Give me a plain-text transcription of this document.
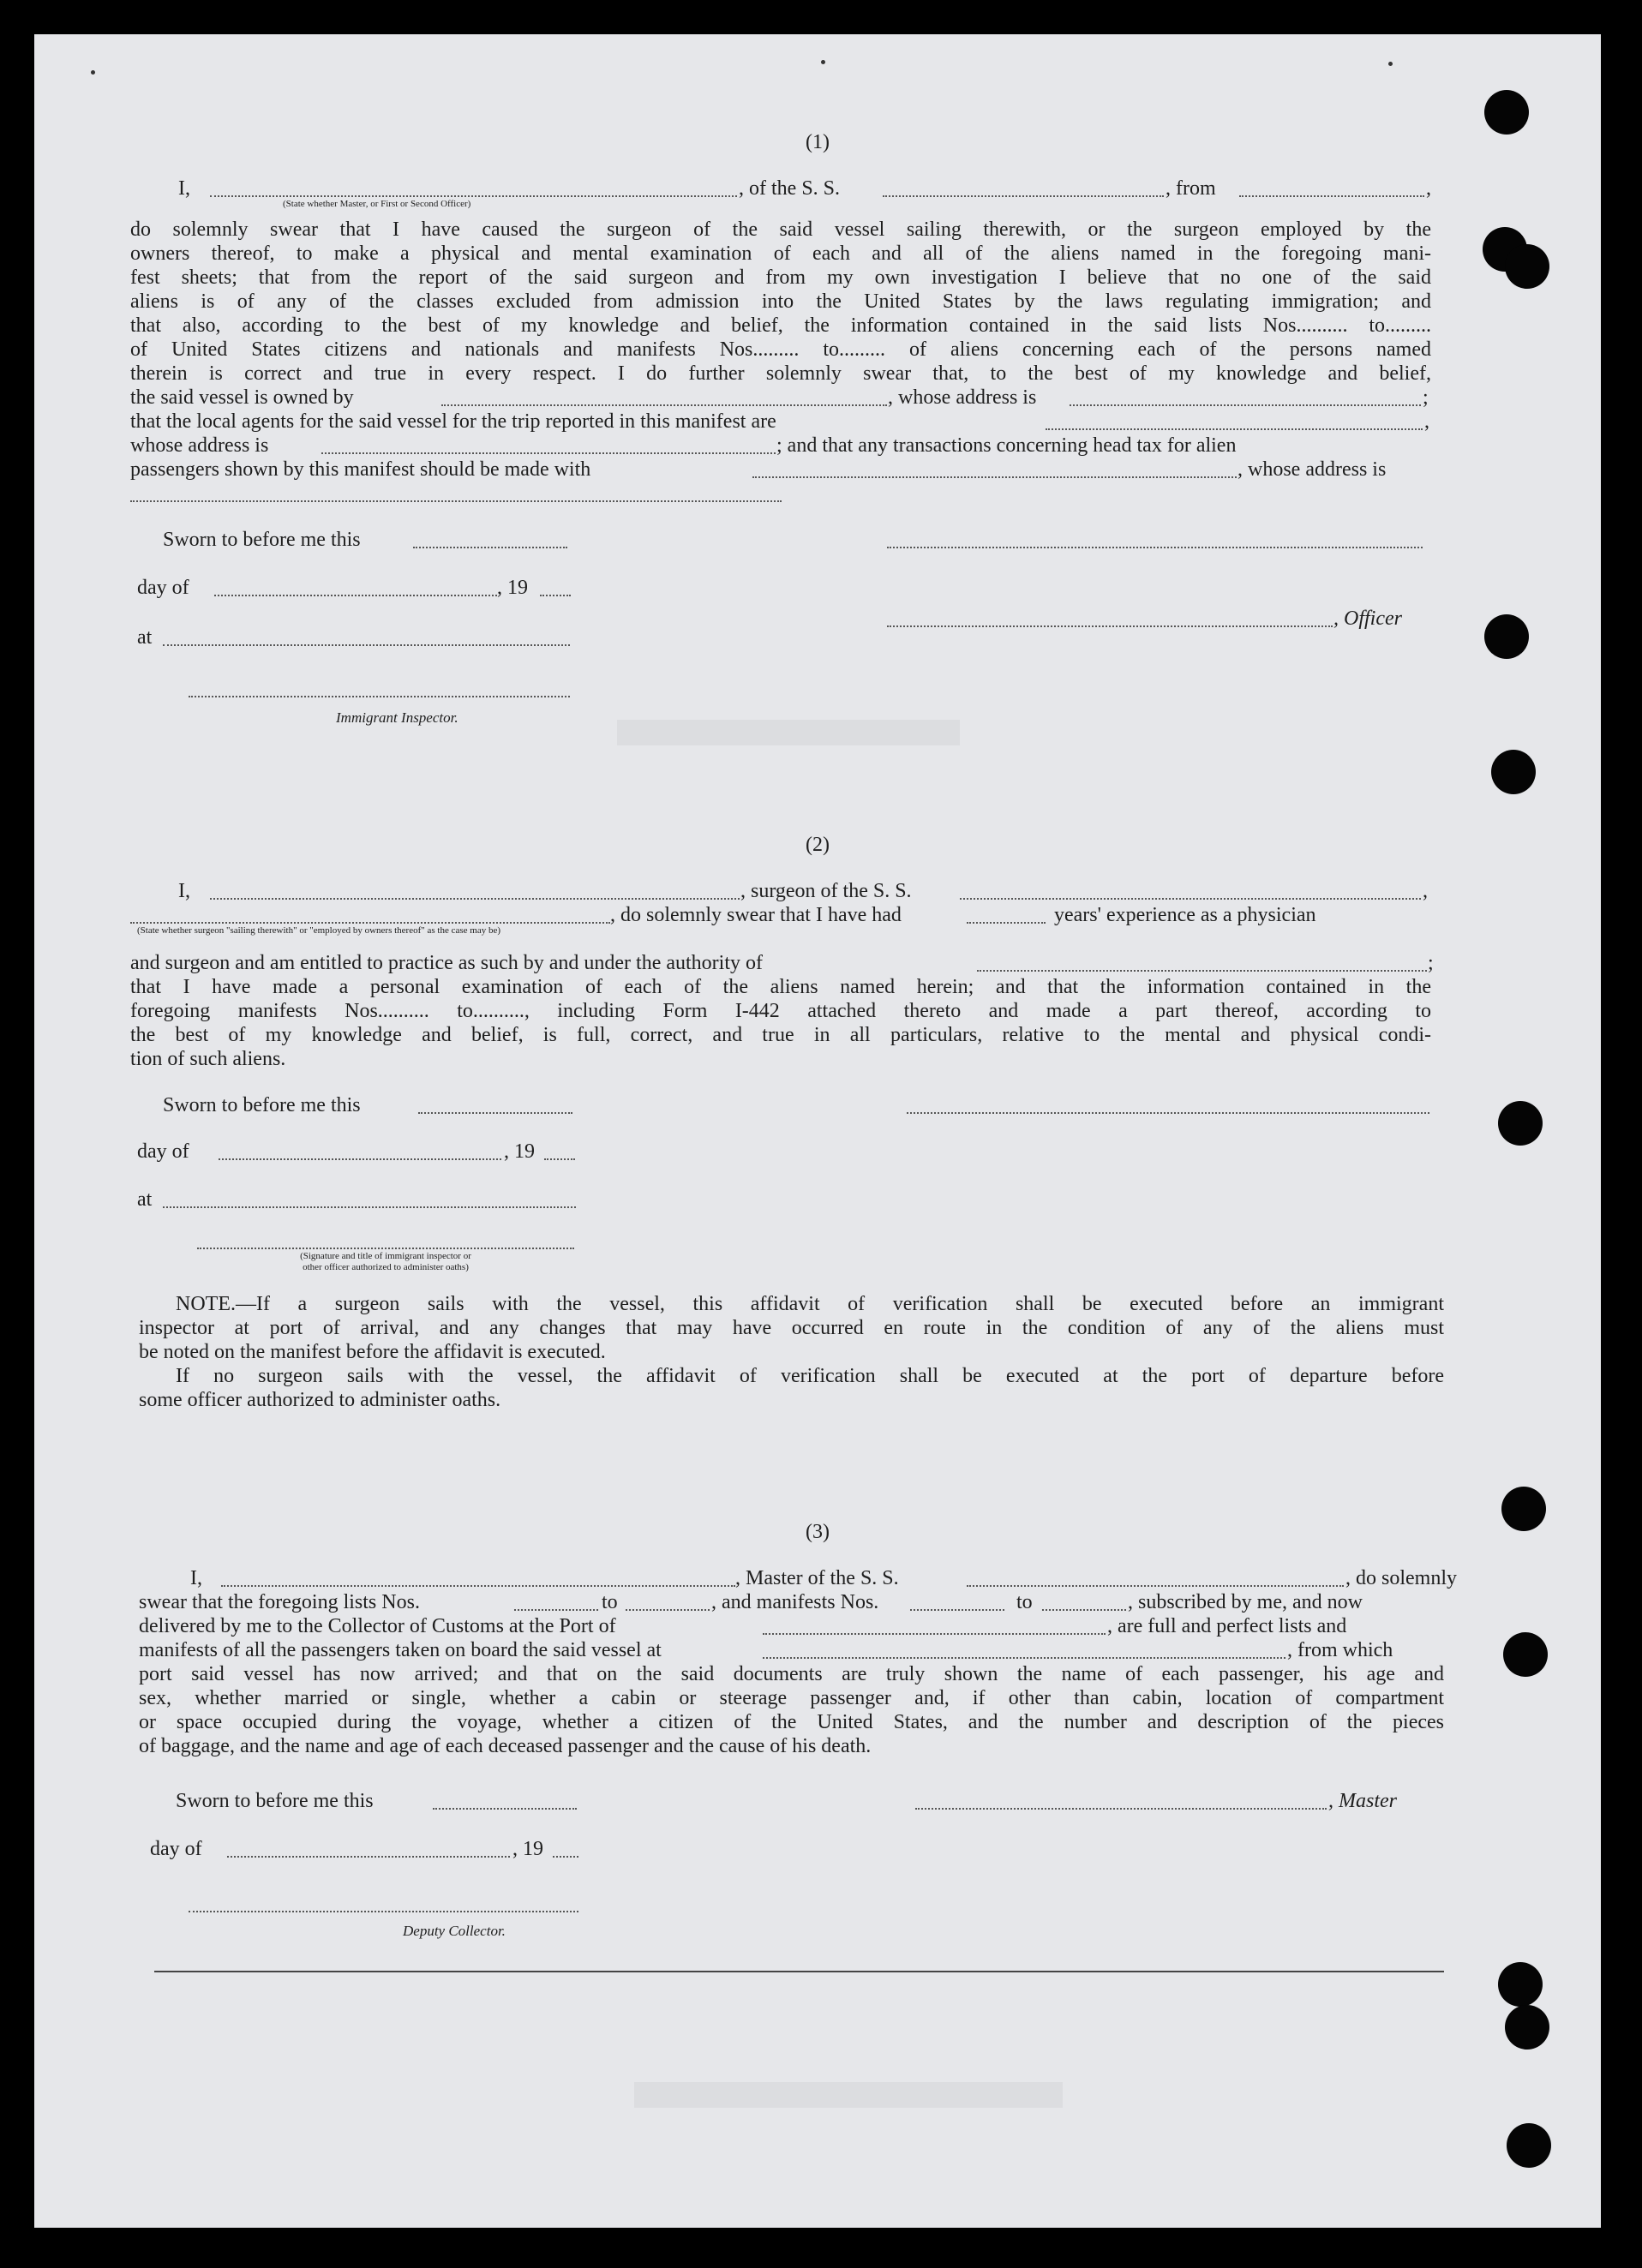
(1)
I,	, of the S. S.	, from	,
(State whether Master, or First or Second Officer)
do solemnly swear that I have caused the surgeon of the said vessel sailing therewith, or the surgeon employed by the
owners thereof, to make a physical and mental examination of each and all of the aliens named in the foregoing mani-
fest sheets; that from the report of the said surgeon and from my own investigation I believe that no one of the said
aliens is of any of the classes excluded from admission into the United States by the laws regulating immigration; and
that also, according to the best of my knowledge and belief, the information contained in the said lists Nos.......... to.........
of United States citizens and nationals and manifests Nos......... to......... of aliens concerning each of the persons named
therein is correct and true in every respect. I do further solemnly swear that, to the best of my knowledge and belief,
the said vessel is owned by	, whose address is	;
that the local agents for the said vessel for the trip reported in this manifest are	,
whose address is	; and that any transactions concerning head tax for alien
passengers shown by this manifest should be made with	, whose address is
Sworn to before me this
day of	, 19
, Officer
at
Immigrant Inspector.
(2)
I,	, surgeon of the S. S.	,
, do solemnly swear that I have had	years' experience as a physician
(State whether surgeon "sailing therewith" or "employed by owners thereof" as the case may be)
and surgeon and am entitled to practice as such by and under the authority of	;
that I have made a personal examination of each of the aliens named herein; and that the information contained in the
foregoing manifests Nos.......... to.........., including Form I-442 attached thereto and made a part thereof, according to
the best of my knowledge and belief, is full, correct, and true in all particulars, relative to the mental and physical condi-
tion of such aliens.
Sworn to before me this
day of	, 19
at
(Signature and title of immigrant inspector or
other officer authorized to administer oaths)
NOTE.—If a surgeon sails with the vessel, this affidavit of verification shall be executed before an immigrant
inspector at port of arrival, and any changes that may have occurred en route in the condition of any of the aliens must
be noted on the manifest before the affidavit is executed.
If no surgeon sails with the vessel, the affidavit of verification shall be executed at the port of departure before
some officer authorized to administer oaths.
(3)
I,	, Master of the S. S.	, do solemnly
swear that the foregoing lists Nos.	to	, and manifests Nos.	to	, subscribed by me, and now
delivered by me to the Collector of Customs at the Port of	, are full and perfect lists and
manifests of all the passengers taken on board the said vessel at	, from which
port said vessel has now arrived; and that on the said documents are truly shown the name of each passenger, his age and
sex, whether married or single, whether a cabin or steerage passenger and, if other than cabin, location of compartment
or space occupied during the voyage, whether a citizen of the United States, and the number and description of the pieces
of baggage, and the name and age of each deceased passenger and the cause of his death.
Sworn to before me this	, Master
day of	, 19
Deputy Collector.
